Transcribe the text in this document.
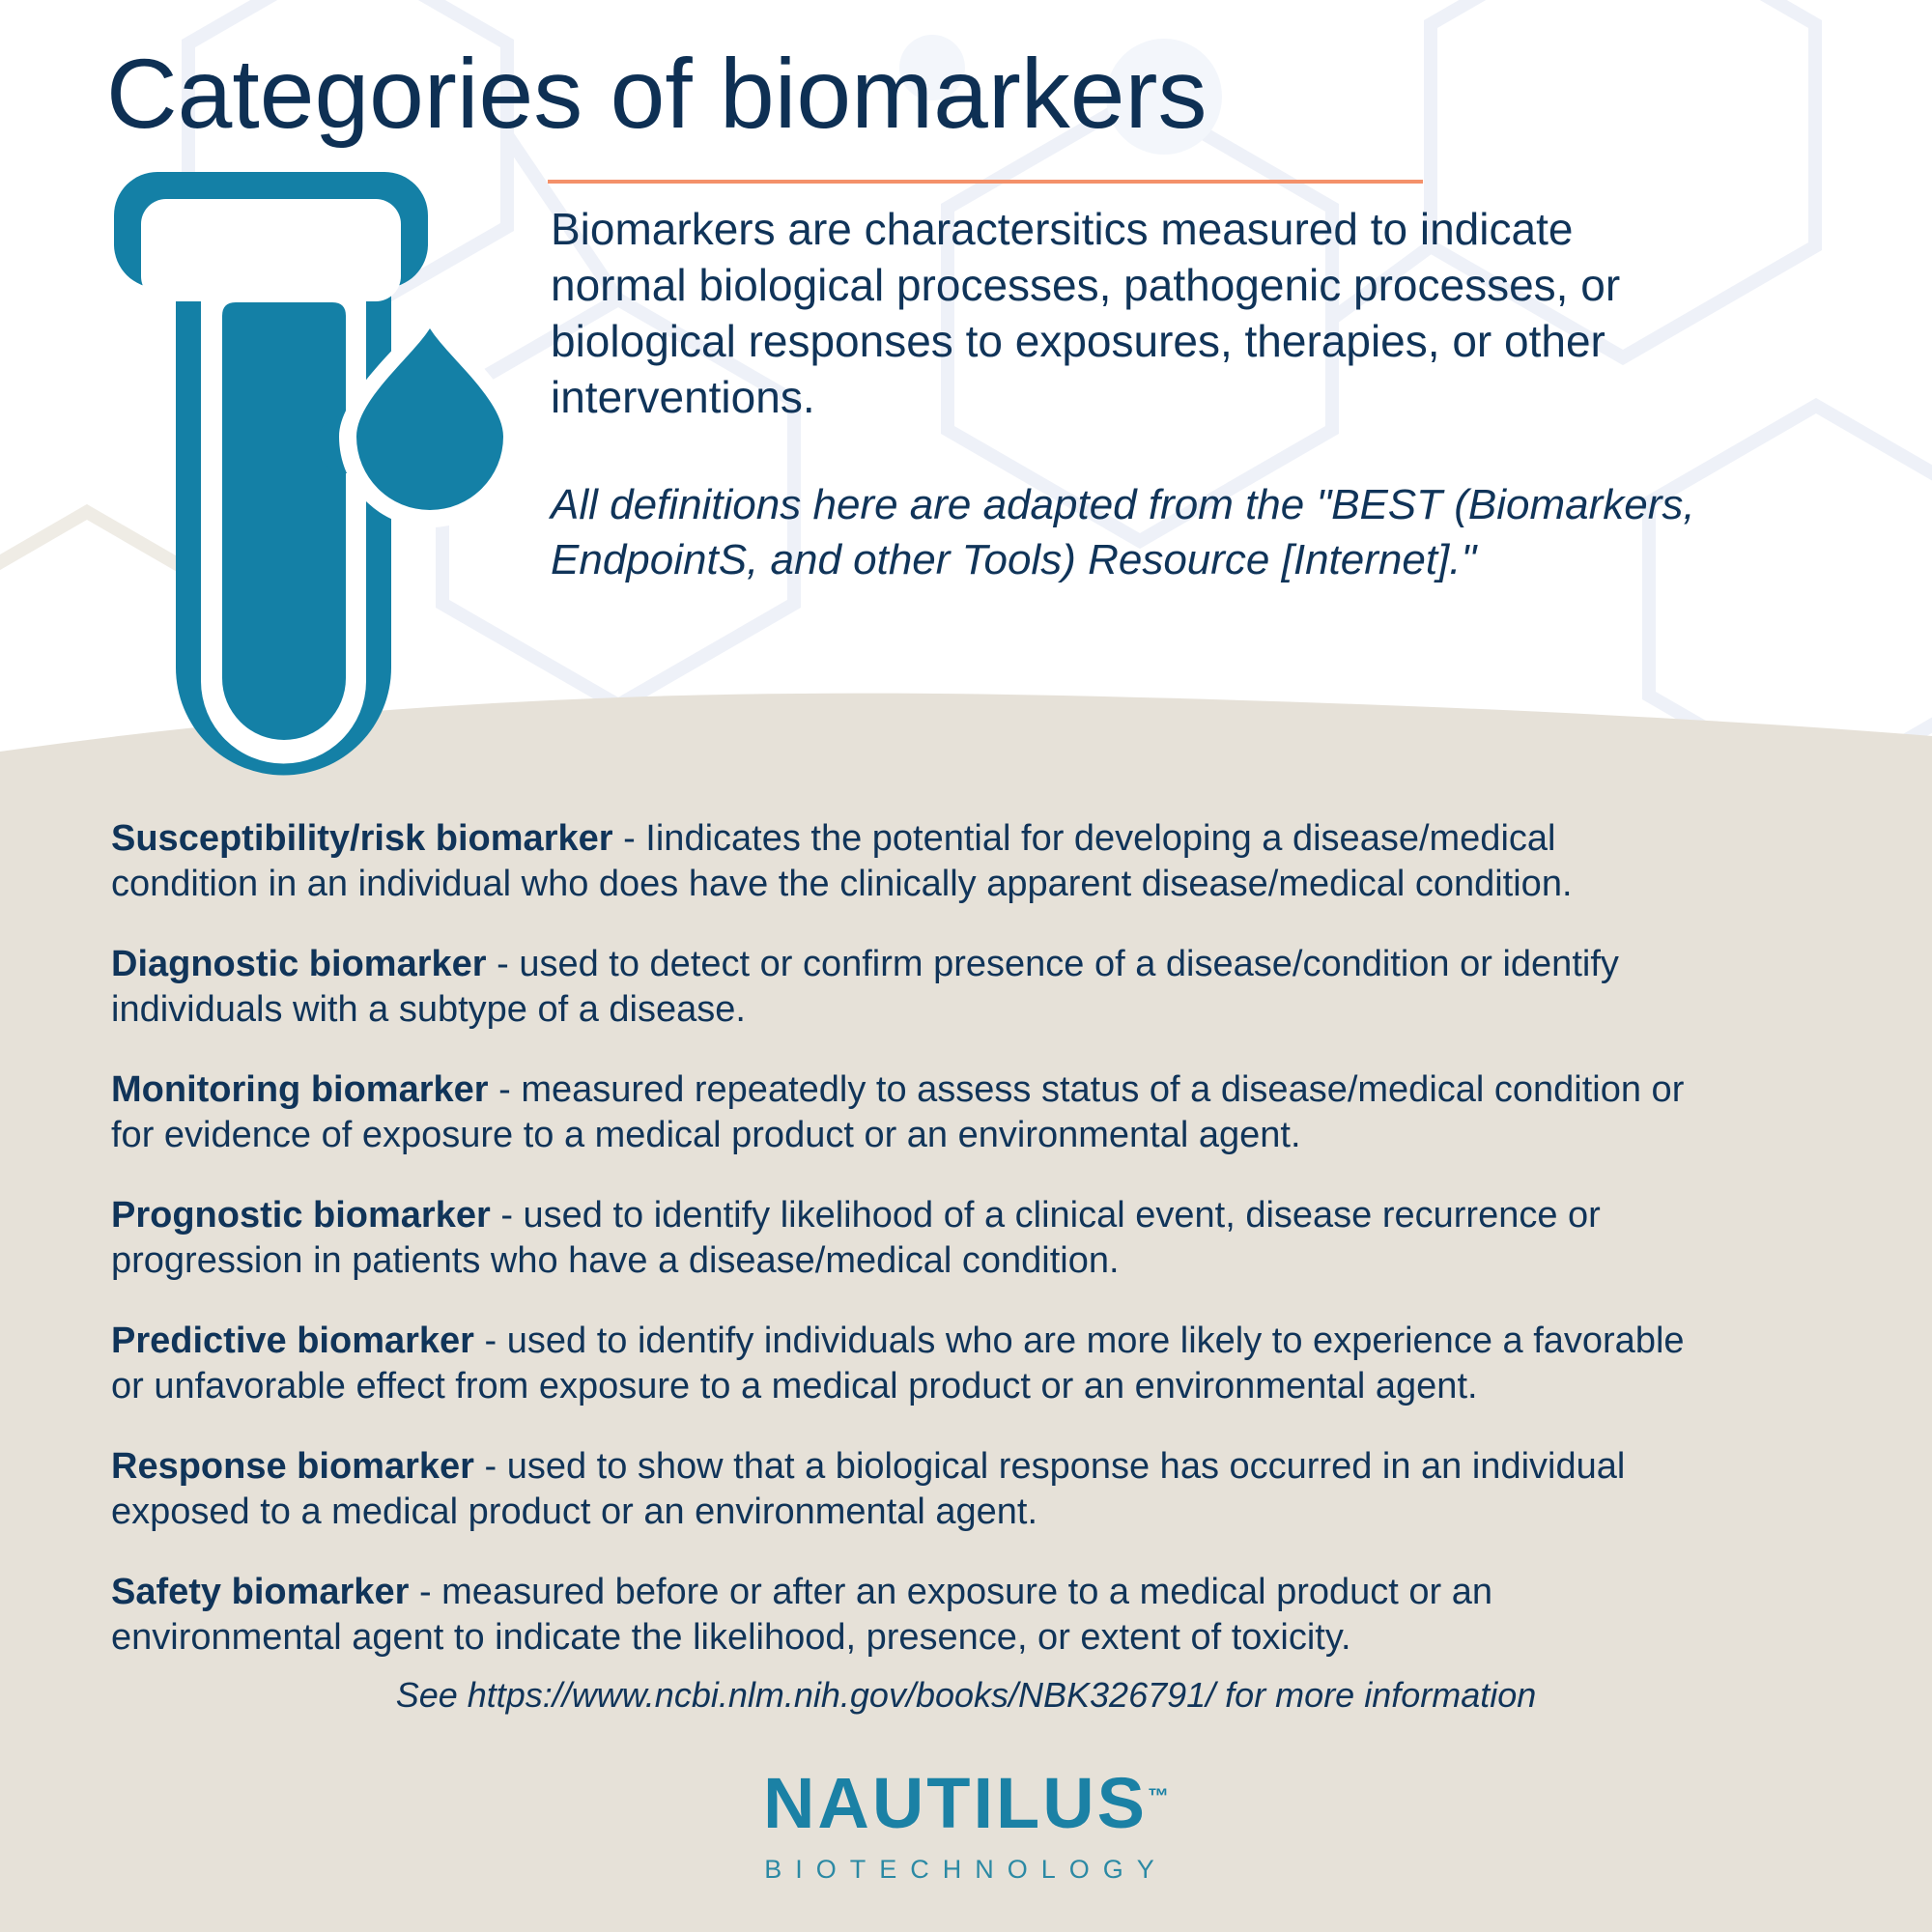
Categories of biomarkers
Biomarkers are charactersitics measured to indicate
normal biological processes, pathogenic processes, or
biological responses to exposures, therapies, or other
interventions.
All definitions here are adapted from the "BEST (Biomarkers,
EndpointS, and other Tools) Resource [Internet]."

Susceptibility/risk biomarker - Iindicates the potential for developing a disease/medical
condition in an individual who does have the clinically apparent disease/medical condition.

Diagnostic biomarker - used to detect or confirm presence of a disease/condition or identify
individuals with a subtype of a disease.

Monitoring biomarker - measured repeatedly to assess status of a disease/medical condition or
for evidence of exposure to a medical product or an environmental agent.

Prognostic biomarker - used to identify likelihood of a clinical event, disease recurrence or
progression in patients who have a disease/medical condition.

Predictive biomarker - used to identify individuals who are more likely to experience a favorable
or unfavorable effect from exposure to a medical product or an environmental agent.

Response biomarker - used to show that a biological response has occurred in an individual
exposed to a medical product or an environmental agent.

Safety biomarker - measured before or after an exposure to a medical product or an
environmental agent to indicate the likelihood, presence, or extent of toxicity.

See https://www.ncbi.nlm.nih.gov/books/NBK326791/ for more information
NAUTILUS™
BIOTECHNOLOGY
